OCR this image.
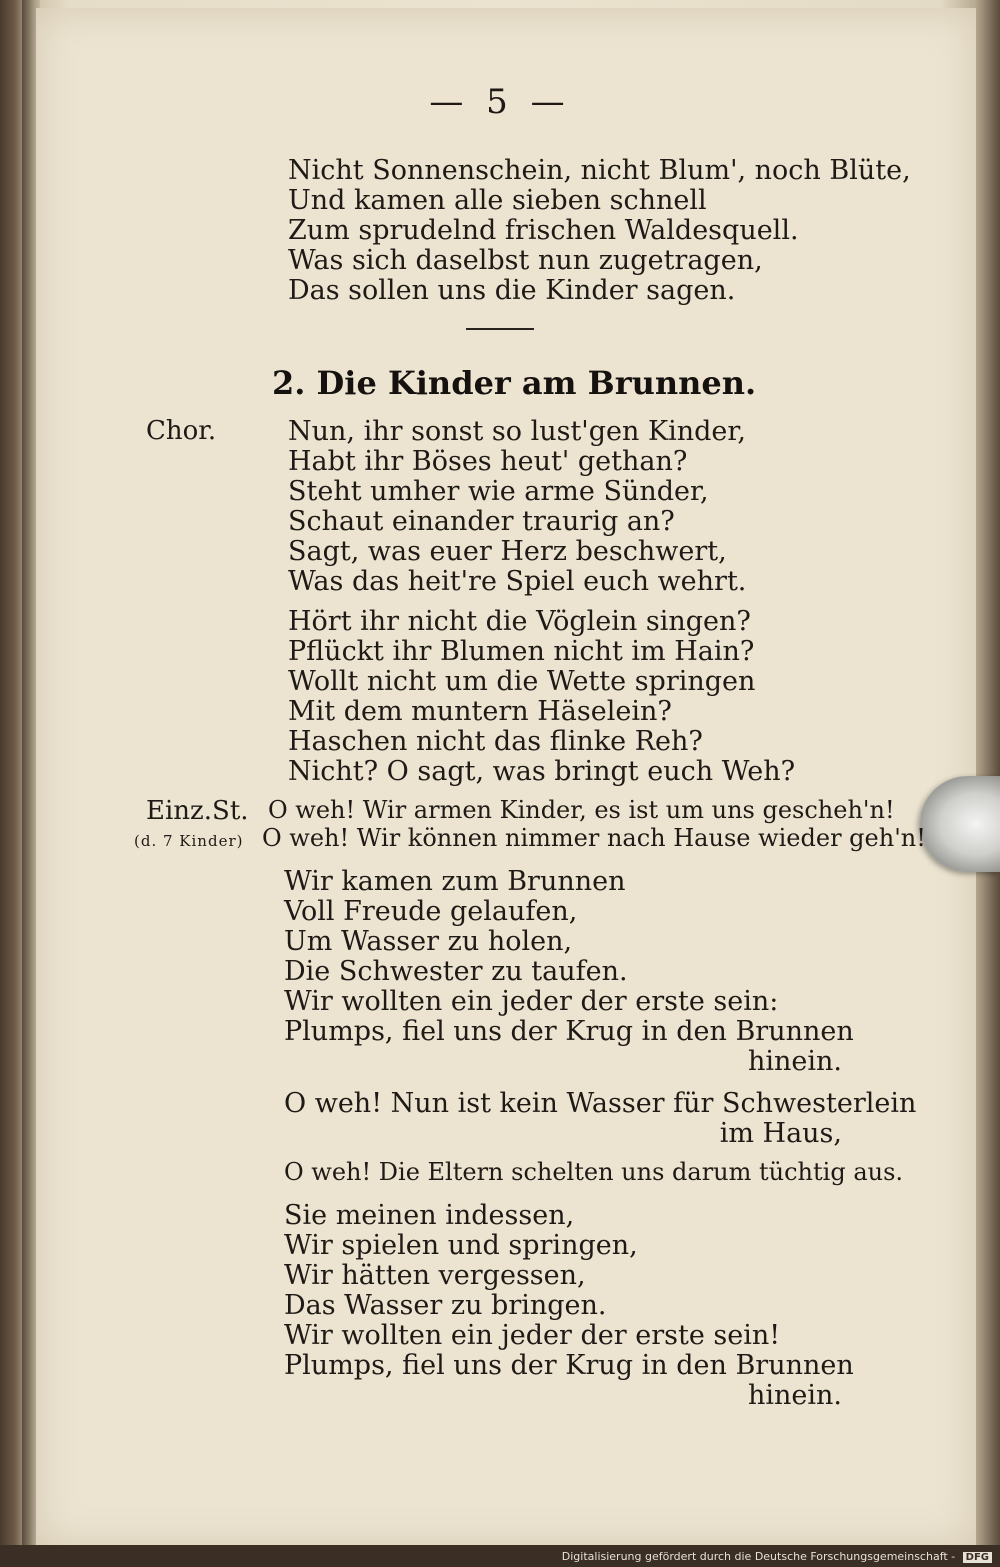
— 5 —
Nicht Sonnenschein, nicht Blum', noch Blüte,
Und kamen alle sieben schnell
Zum sprudelnd frischen Waldesquell.
Was sich daselbst nun zugetragen,
Das sollen uns die Kinder sagen.
2. Die Kinder am Brunnen.
Chor.	Nun, ihr sonst so lust'gen Kinder,
Habt ihr Böses heut' gethan?
Steht umher wie arme Sünder,
Schaut einander traurig an?
Sagt, was euer Herz beschwert,
Was das heit're Spiel euch wehrt.
Hört ihr nicht die Vöglein singen?
Pflückt ihr Blumen nicht im Hain?
Wollt nicht um die Wette springen
Mit dem muntern Häselein?
Haschen nicht das flinke Reh?
Nicht? O sagt, was bringt euch Weh?
Einz.St. O weh! Wir armen Kinder, es ist um uns gescheh'n!
(d. 7 Kinder) O weh! Wir können nimmer nach Hause wieder geh'n!
Wir kamen zum Brunnen
Voll Freude gelaufen,
Um Wasser zu holen,
Die Schwester zu taufen.
Wir wollten ein jeder der erste sein:
Plumps, fiel uns der Krug in den Brunnen
hinein.
O weh! Nun ist kein Wasser für Schwesterlein
im Haus,
O weh! Die Eltern schelten uns darum tüchtig aus.
Sie meinen indessen,
Wir spielen und springen,
Wir hätten vergessen,
Das Wasser zu bringen.
Wir wollten ein jeder der erste sein!
Plumps, fiel uns der Krug in den Brunnen
hinein.
Digitalisierung gefördert durch die Deutsche Forschungsgemeinschaft - DFG
